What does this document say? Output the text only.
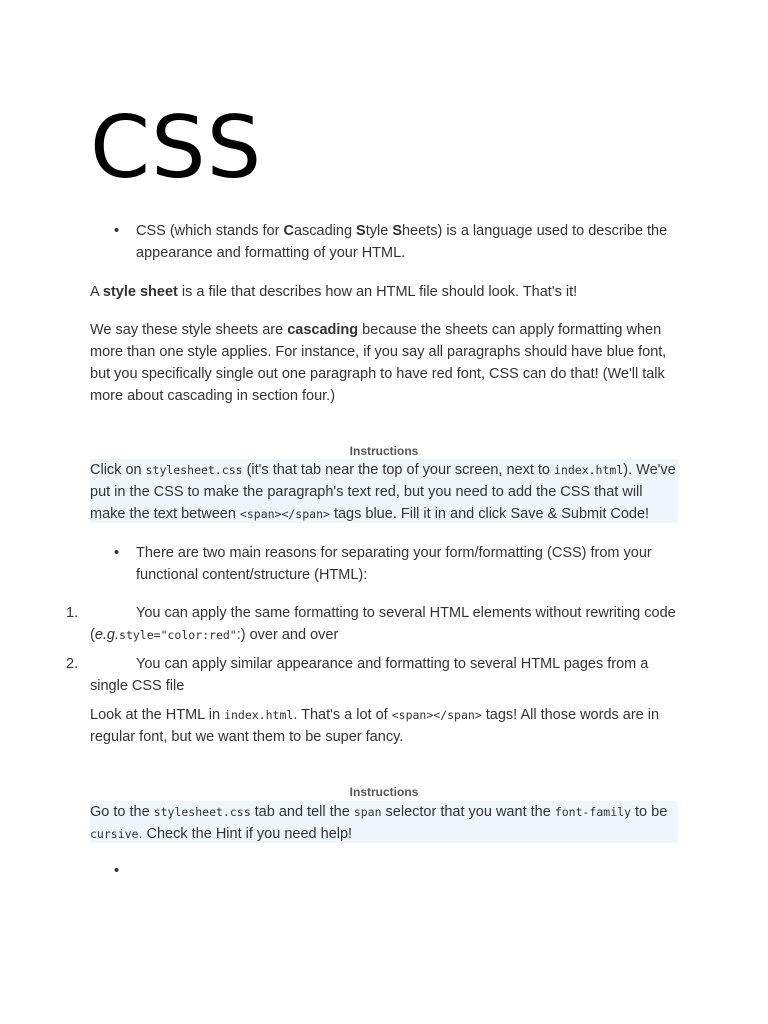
CSS

• CSS (which stands for Cascading Style Sheets) is a language used to describe the appearance and formatting of your HTML.

A style sheet is a file that describes how an HTML file should look. That's it!

We say these style sheets are cascading because the sheets can apply formatting when more than one style applies. For instance, if you say all paragraphs should have blue font, but you specifically single out one paragraph to have red font, CSS can do that! (We'll talk more about cascading in section four.)

Instructions

Click on stylesheet.css (it's that tab near the top of your screen, next to index.html). We've put in the CSS to make the paragraph's text red, but you need to add the CSS that will make the text between <span></span> tags blue. Fill it in and click Save & Submit Code!

• There are two main reasons for separating your form/formatting (CSS) from your functional content/structure (HTML):

1.	You can apply the same formatting to several HTML elements without rewriting code (e.g.style="color:red":) over and over

2.	You can apply similar appearance and formatting to several HTML pages from a single CSS file

Look at the HTML in index.html. That's a lot of <span></span> tags! All those words are in regular font, but we want them to be super fancy.

Instructions

Go to the stylesheet.css tab and tell the span selector that you want the font-family to be cursive. Check the Hint if you need help!

•
